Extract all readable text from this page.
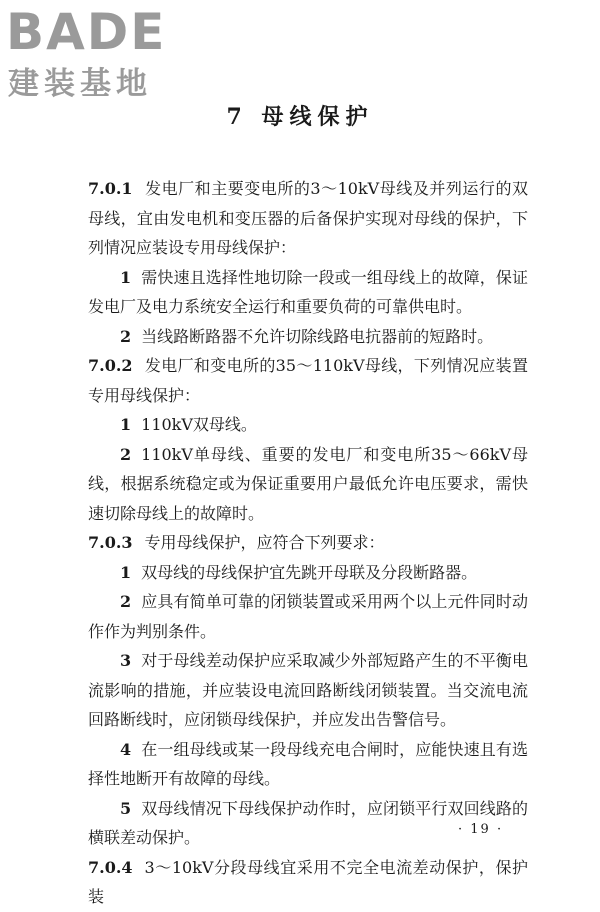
BADE
建装基地
7 母线保护

7.0.1 发电厂和主要变电所的3～10kV母线及并列运行的双母线，宜由发电机和变压器的后备保护实现对母线的保护，下列情况应装设专用母线保护：

1 需快速且选择性地切除一段或一组母线上的故障，保证发电厂及电力系统安全运行和重要负荷的可靠供电时。

2 当线路断路器不允许切除线路电抗器前的短路时。

7.0.2 发电厂和变电所的35～110kV母线，下列情况应装置专用母线保护：

1 110kV双母线。

2 110kV单母线、重要的发电厂和变电所35～66kV母线，根据系统稳定或为保证重要用户最低允许电压要求，需快速切除母线上的故障时。

7.0.3 专用母线保护，应符合下列要求：

1 双母线的母线保护宜先跳开母联及分段断路器。

2 应具有简单可靠的闭锁装置或采用两个以上元件同时动作作为判别条件。

3 对于母线差动保护应采取减少外部短路产生的不平衡电流影响的措施，并应装设电流回路断线闭锁装置。当交流电流回路断线时，应闭锁母线保护，并应发出告警信号。

4 在一组母线或某一段母线充电合闸时，应能快速且有选择性地断开有故障的母线。

5 双母线情况下母线保护动作时，应闭锁平行双回线路的横联差动保护。

7.0.4 3～10kV分段母线宜采用不完全电流差动保护，保护装

· 19 ·
